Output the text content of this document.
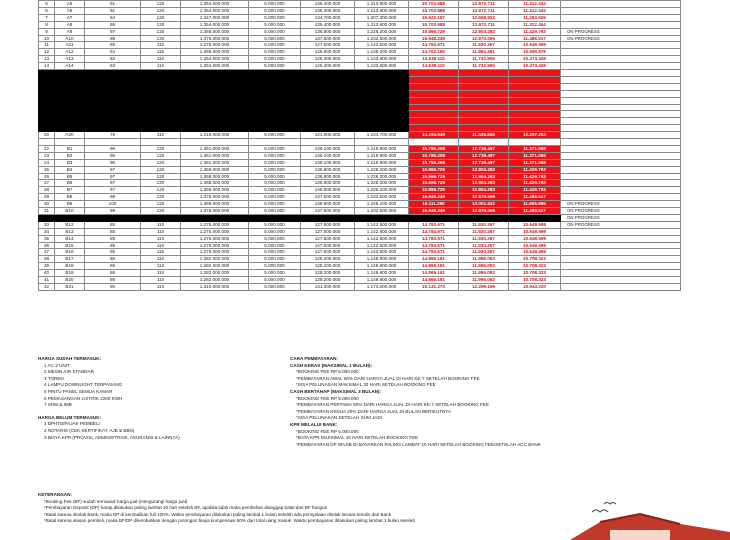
5	A5	91	120	1.354.000.000	5.000.000	135.400.000	1.213.600.000	15.703.688	12.672.711	11.312.344	
6	A6	91	120	1.354.000.000	5.000.000	135.400.000	1.213.600.000	15.703.688	12.672.711	11.312.344	
7	A7	94	120	1.347.000.000	5.000.000	134.700.000	1.207.300.000	15.622.167	12.606.923	11.253.626	
8	A8	95	120	1.354.000.000	5.000.000	135.400.000	1.213.600.000	15.703.688	12.672.711	11.312.344	
9	A9	97	120	1.368.000.000	5.000.000	136.800.000	1.226.200.000	15.866.729	12.804.283	11.429.793	ON PROGRESS
10	A10	98	120	1.375.000.000	5.000.000	137.500.000	1.232.500.000	15.948.249	12.870.069	11.488.517	ON PROGRESS
11	A11	85	110	1.275.000.000	5.000.000	127.500.000	1.142.500.000	14.783.671	11.930.267	10.649.599	
12	A12	84	110	1.268.000.000	5.000.000	126.800.000	1.136.200.000	14.702.150	11.864.481	10.590.875	
13	A13	83	110	1.254.000.000	5.000.000	125.400.000	1.123.600.000	14.539.110	11.732.909	10.473.426	
14	A14	83	110	1.254.000.000	5.000.000	125.400.000	1.123.600.000	14.539.110	11.732.909	10.473.426	

20	A20	78	110	1.219.000.000	5.000.000	121.900.000	1.104.700.000	14.294.548	11.535.550	10.297.253	

22	B1	96	120	1.361.000.000	5.000.000	136.100.000	1.219.900.000	15.785.208	12.738.497	11.371.068	
23	B2	96	120	1.361.000.000	5.000.000	136.100.000	1.219.900.000	15.785.208	12.738.497	11.371.068	
24	B3	96	120	1.361.000.000	5.000.000	136.100.000	1.219.900.000	15.785.208	12.738.497	11.371.068	
25	B4	97	120	1.368.000.000	5.000.000	136.800.000	1.226.200.000	15.866.729	12.804.283	11.429.793	
26	B5	97	120	1.368.000.000	5.000.000	136.800.000	1.226.200.000	15.866.729	12.804.283	11.429.793	
27	B6	97	120	1.368.000.000	5.000.000	136.800.000	1.226.200.000	15.866.729	12.804.283	11.429.793	
28	B7	97	120	1.368.000.000	5.000.000	136.800.000	1.226.200.000	15.866.729	12.804.283	11.429.793	
29	B8	98	120	1.375.000.000	5.000.000	137.500.000	1.232.500.000	15.948.249	12.870.069	11.488.517	
30	B9	100	120	1.389.000.000	5.000.000	138.900.000	1.245.100.000	16.111.290	13.001.642	11.605.965	ON PROGRESS
31	B10	98	120	1.375.000.000	5.000.000	137.500.000	1.232.500.000	15.948.249	12.870.069	11.488.517	ON PROGRESS
											ON PROGRESS
33	B12	85	110	1.275.000.000	5.000.000	127.500.000	1.142.500.000	14.783.671	11.930.267	10.649.599	ON PROGRESS
34	B13	85	110	1.275.000.000	5.000.000	127.500.000	1.142.500.000	14.783.671	11.930.267	10.649.599	
35	B14	85	110	1.275.000.000	5.000.000	127.500.000	1.142.500.000	14.783.671	11.930.267	10.649.599	
36	B15	85	110	1.275.000.000	5.000.000	127.500.000	1.142.500.000	14.783.671	11.930.267	10.649.599	
37	B16	85	110	1.275.000.000	5.000.000	127.500.000	1.142.500.000	14.783.671	11.930.267	10.649.599	
38	B17	86	110	1.282.000.000	5.000.000	128.200.000	1.148.800.000	14.865.191	11.996.053	10.708.323	
39	B18	86	110	1.282.000.000	5.000.000	128.200.000	1.148.800.000	14.865.191	11.996.053	10.708.323	
40	B19	86	110	1.282.000.000	5.000.000	128.200.000	1.148.800.000	14.865.191	11.996.053	10.708.323	
41	B20	86	110	1.282.000.000	5.000.000	128.200.000	1.148.800.000	14.865.191	11.996.053	10.708.323	
42	B21	90	110	1.310.000.000	5.000.000	131.000.000	1.174.000.000	15.131.273	12.259.199	10.943.220	
HARGA SUDAH TERMASUK:
1 AC 2 UNIT
2 MESIN AIR STANDAR
3 TOREN
4 LAMPU DOWNLIGHT TERPASANG
5 PINTU PANEL SEMUA KAMAR
6 PEMASANGAN LISTRIK 2200 KWH
7 SHM & IMB
HARGA BELUM TERMASUK:
1 BPHTB/PAJAK PEMBELI
2 NOTARIS (CEK SERTIFIKAT, AJB & BBN)
3 BIAYA KPR (PROVISI, ADMINISTRASI, ASURANSI & LAINNYA)
CARA PEMBAYARAN:
CASH KERAS (MAKSIMAL 1 BULAN):
*BOOKING FEE RP 5.000.000
*PEMBAYARAN AWAL 60% DARI HARGA JUAL DI HARI KE-7 SETELAH BOOKING FEE
*SISA PELUNASAN MAKSIMAL 30 HARI SETELAH BOOKING FEE
CASH BERTAHAP (MAKSIMAL 3 BULAN):
*BOOKING FEE RP 5.000.000
*PEMBAYARAN PERTAMA 60% DARI HARGA JUAL DI HARI KE-7 SETELAH BOOKING FEE
*PEMBAYARAN KEDUA 20% DARI HARGA JUAL DI BULAN BERIKUTNYA
*SISA PELUNASAN SETELAH SHM JADI
KPR MELALUI BANK:
*BOOKING FEE RP 5.000.000
*BATA KPR MAKSIMAL 10 HARI SETELAH BOOKING FEE
*PEMBAYARAN DP WAJIB DI BAYARKAN PALING LAMBAT 10 HARI SETELAH BOOKING FEE/SETELAH ACC BANK
KETERANGAN:
*Booking Fee (BF) sudah termasuk harga jual (mengurangi harga jual)
*Pembayaran Deposit (DP) harap dilakukan paling lambat 10 hari setelah BF, apabila tidak maka pembelian dianggap batal dan BF hangus
*Batal karena ditolak Bank, maka DP di kembalikan full 100%. Waktu pembayaran dilakukan paling lambat 1 bulan setelah ada pernyataan ditolak secara tertulis dari Bank
*Batal karena alasan pembeli, maka BF/DP dikembalikan dengan potongan biaya kompensasi 50% dari total uang masuk. Waktu pembayaran dilakukan paling lambat 1 bulan setelah
